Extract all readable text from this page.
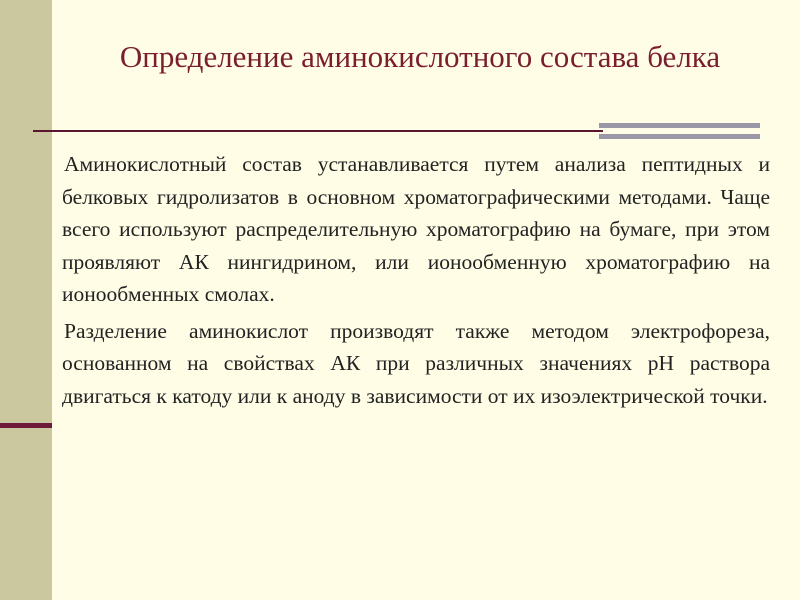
Определение аминокислотного состава белка

Аминокислотный состав устанавливается путем анализа пептидных и белковых гидролизатов в основном хроматографическими методами. Чаще всего используют распределительную хроматографию на бумаге, при этом проявляют АК нингидрином, или ионообменную хроматографию на ионообменных смолах.

Разделение аминокислот производят также методом электрофореза, основанном на свойствах АК при различных значениях рН раствора двигаться к катоду или к аноду в зависимости от их изоэлектрической точки.
